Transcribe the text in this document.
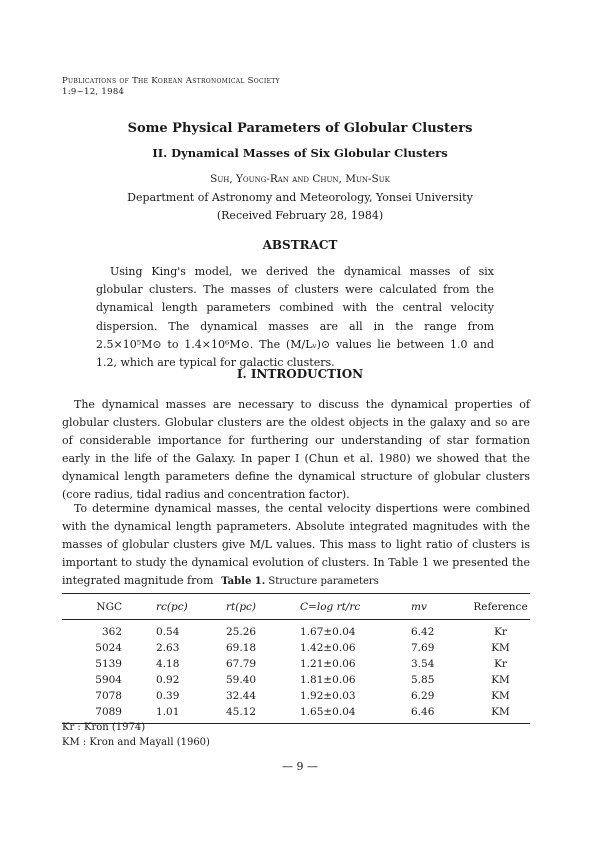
Publications of The Korean Astronomical Society
1:9~12, 1984
Some Physical Parameters of Globular Clusters
II. Dynamical Masses of Six Globular Clusters
Suh, Young-Ran and Chun, Mun-Suk
Department of Astronomy and Meteorology, Yonsei University
(Received February 28, 1984)
ABSTRACT
Using King's model, we derived the dynamical masses of six globular clusters. The masses of clusters were calculated from the dynamical length parameters combined with the central velocity dispersion. The dynamical masses are all in the range from 2.5×10⁵M⊙ to 1.4×10⁶M⊙. The (M/Lᵥ)⊙ values lie between 1.0 and 1.2, which are typical for galactic clusters.
I. INTRODUCTION
The dynamical masses are necessary to discuss the dynamical properties of globular clusters. Globular clusters are the oldest objects in the galaxy and so are of considerable importance for furthering our understanding of star formation early in the life of the Galaxy. In paper I (Chun et al. 1980) we showed that the dynamical length parameters define the dynamical structure of globular clusters (core radius, tidal radius and concentration factor).
To determine dynamical masses, the cental velocity dispertions were combined with the dynamical length paprameters. Absolute integrated magnitudes with the masses of globular clusters give M/L values. This mass to light ratio of clusters is important to study the dynamical evolution of clusters. In Table 1 we presented the integrated magnitude from Table 1. Structure parameters
NGC	rc(pc)	rt(pc)	C=log rt/rc	mv	Reference
362	0.54	25.26	1.67±0.04	6.42	Kr
5024	2.63	69.18	1.42±0.06	7.69	KM
5139	4.18	67.79	1.21±0.06	3.54	Kr
5904	0.92	59.40	1.81±0.06	5.85	KM
7078	0.39	32.44	1.92±0.03	6.29	KM
7089	1.01	45.12	1.65±0.04	6.46	KM
Kr : Kron (1974)
KM : Kron and Mayall (1960)
— 9 —
